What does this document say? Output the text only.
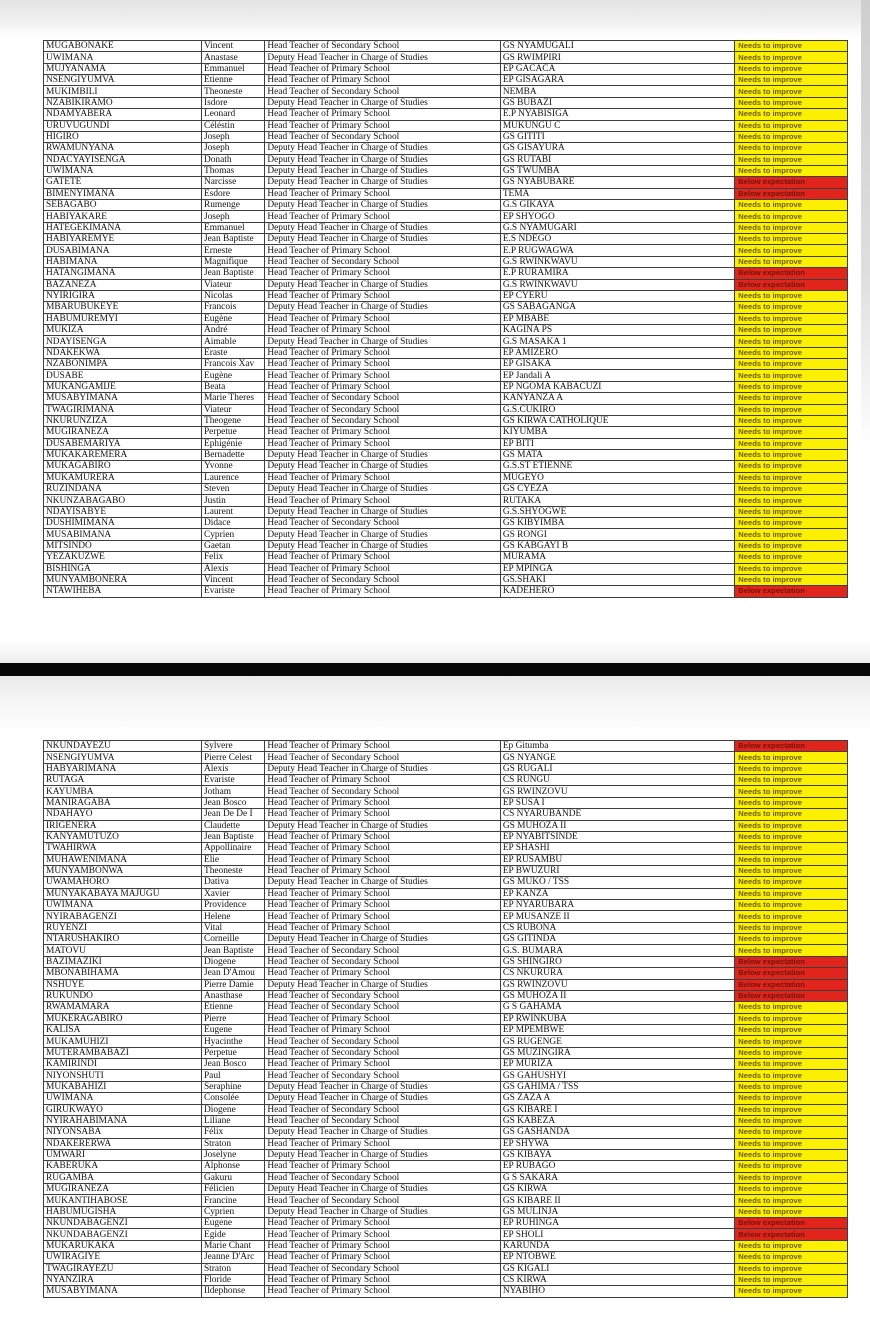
MUGABONAKE	Vincent	Head Teacher of Secondary School	GS NYAMUGALI	Needs to improve
UWIMANA	Anastase	Deputy Head Teacher in Charge of Studies	GS RWIMPIRI	Needs to improve
MUJYANAMA	Emmanuel	Head Teacher of Primary School	EP GACACA	Needs to improve
NSENGIYUMVA	Etienne	Head Teacher of Primary School	EP GISAGARA	Needs to improve
MUKIMBILI	Theoneste	Head Teacher of Secondary School	NEMBA	Needs to improve
NZABIKIRAMO	Isdore	Deputy Head Teacher in Charge of Studies	GS BUBAZI	Needs to improve
NDAMYABERA	Leonard	Head Teacher of Primary School	E.P NYABISIGA	Needs to improve
URUVUGUNDI	Céléstin	Head Teacher of Primary School	MUKUNGU C	Needs to improve
HIGIRO	Joseph	Head Teacher of Secondary School	GS GITITI	Needs to improve
RWAMUNYANA	Joseph	Deputy Head Teacher in Charge of Studies	GS GISAYURA	Needs to improve
NDACYAYISENGA	Donath	Deputy Head Teacher in Charge of Studies	GS RUTABI	Needs to improve
UWIMANA	Thomas	Deputy Head Teacher in Charge of Studies	GS TWUMBA	Needs to improve
GATETE	Narcisse	Deputy Head Teacher in Charge of Studies	GS NYABUBARE	Below expectation
BIMENYIMANA	Esdore	Head Teacher of Primary School	TEMA	Below expectation
SEBAGABO	Rumenge	Deputy Head Teacher in Charge of Studies	G.S GIKAYA	Needs to improve
HABIYAKARE	Joseph	Head Teacher of Primary School	EP SHYOGO	Needs to improve
HATEGEKIMANA	Emmanuel	Deputy Head Teacher in Charge of Studies	G.S NYAMUGARI	Needs to improve
HABIYAREMYE	Jean Baptiste	Deputy Head Teacher in Charge of Studies	E.S NDEGO	Needs to improve
DUSABIMANA	Erneste	Head Teacher of Primary School	E.P RUGWAGWA	Needs to improve
HABIMANA	Magnifique	Head Teacher of Secondary School	G.S RWINKWAVU	Needs to improve
HATANGIMANA	Jean Baptiste	Head Teacher of Primary School	E.P RURAMIRA	Below expectation
BAZANEZA	Viateur	Deputy Head Teacher in Charge of Studies	G.S RWINKWAVU	Below expectation
NYIRIGIRA	Nicolas	Head Teacher of Primary School	EP CYERU	Needs to improve
MBARUBUKEYE	Francois	Deputy Head Teacher in Charge of Studies	GS SABAGANGA	Needs to improve
HABUMUREMYI	Eugène	Head Teacher of Primary School	EP MBABE	Needs to improve
MUKIZA	André	Head Teacher of Primary School	KAGINA PS	Needs to improve
NDAYISENGA	Aimable	Deputy Head Teacher in Charge of Studies	G.S MASAKA 1	Needs to improve
NDAKEKWA	Eraste	Head Teacher of Primary School	EP AMIZERO	Needs to improve
NZABONIMPA	Francois Xav	Head Teacher of Primary School	EP GISAKA	Needs to improve
DUSABE	Eugène	Head Teacher of Primary School	EP Jandali A	Needs to improve
MUKANGAMIJE	Beata	Head Teacher of Primary School	EP NGOMA KABACUZI	Needs to improve
MUSABYIMANA	Marie Theres	Head Teacher of Secondary School	KANYANZA A	Needs to improve
TWAGIRIMANA	Viateur	Head Teacher of Secondary School	G.S.CUKIRO	Needs to improve
NKURUNZIZA	Theogene	Head Teacher of Secondary School	GS KIRWA CATHOLIQUE	Needs to improve
MUGIRANEZA	Perpetue	Head Teacher of Primary School	KIYUMBA	Needs to improve
DUSABEMARIYA	Ephigénie	Head Teacher of Primary School	EP BITI	Needs to improve
MUKAKAREMERA	Bernadette	Deputy Head Teacher in Charge of Studies	GS MATA	Needs to improve
MUKAGABIRO	Yvonne	Deputy Head Teacher in Charge of Studies	G.S.ST ETIENNE	Needs to improve
MUKAMURERA	Laurence	Head Teacher of Primary School	MUGEYO	Needs to improve
RUZINDANA	Steven	Deputy Head Teacher in Charge of Studies	GS CYEZA	Needs to improve
NKUNZABAGABO	Justin	Head Teacher of Primary School	RUTAKA	Needs to improve
NDAYISABYE	Laurent	Deputy Head Teacher in Charge of Studies	G.S.SHYOGWE	Needs to improve
DUSHIMIMANA	Didace	Head Teacher of Secondary School	GS KIBYIMBA	Needs to improve
MUSABIMANA	Cyprien	Deputy Head Teacher in Charge of Studies	GS RONGI	Needs to improve
MITSINDO	Gaetan	Deputy Head Teacher in Charge of Studies	GS KABGAYI B	Needs to improve
YEZAKUZWE	Felix	Head Teacher of Primary School	MURAMA	Needs to improve
BISHINGA	Alexis	Head Teacher of Primary School	EP MPINGA	Needs to improve
MUNYAMBONERA	Vincent	Head Teacher of Secondary School	GS.SHAKI	Needs to improve
NTAWIHEBA	Evariste	Head Teacher of Primary School	KADEHERO	Below expectation
NKUNDAYEZU	Sylvere	Head Teacher of Primary School	Ep Gitumba	Below expectation
NSENGIYUMVA	Pierre Celest	Head Teacher of Secondary School	GS NYANGE	Needs to improve
HABYARIMANA	Alexis	Deputy Head Teacher in Charge of Studies	GS RUGALI	Needs to improve
RUTAGA	Evariste	Head Teacher of Primary School	CS RUNGU	Needs to improve
KAYUMBA	Jotham	Head Teacher of Secondary School	GS RWINZOVU	Needs to improve
MANIRAGABA	Jean Bosco	Head Teacher of Primary School	EP SUSA I	Needs to improve
NDAHAYO	Jean De De I	Head Teacher of Primary School	CS NYARUBANDE	Needs to improve
IRIGENERA	Claudette	Deputy Head Teacher in Charge of Studies	GS MUHOZA II	Needs to improve
KANYAMUTUZO	Jean Baptiste	Head Teacher of Primary School	EP NYABITSINDE	Needs to improve
TWAHIRWA	Appollinaire	Head Teacher of Primary School	EP SHASHI	Needs to improve
MUHAWENIMANA	Elie	Head Teacher of Primary School	EP RUSAMBU	Needs to improve
MUNYAMBONWA	Theoneste	Head Teacher of Primary School	EP BWUZURI	Needs to improve
UWAMAHORO	Dativa	Deputy Head Teacher in Charge of Studies	GS MUKO / TSS	Needs to improve
MUNYAKABAYA MAJUGU	Xavier	Head Teacher of Primary School	EP KANZA	Needs to improve
UWIMANA	Providence	Head Teacher of Primary School	EP NYARUBARA	Needs to improve
NYIRABAGENZI	Helene	Head Teacher of Primary School	EP MUSANZE II	Needs to improve
RUYENZI	Vital	Head Teacher of Primary School	CS RUBONA	Needs to improve
NTARUSHAKIRO	Corneille	Deputy Head Teacher in Charge of Studies	GS GITINDA	Needs to improve
MATOVU	Jean Baptiste	Head Teacher of Secondary School	G.S. BUMARA	Needs to improve
BAZIMAZIKI	Diogene	Head Teacher of Secondary School	GS SHINGIRO	Below expectation
MBONABIHAMA	Jean D'Amou	Head Teacher of Primary School	CS NKURURA	Below expectation
NSHUYE	Pierre Damie	Deputy Head Teacher in Charge of Studies	GS RWINZOVU	Below expectation
RUKUNDO	Anasthase	Head Teacher of Secondary School	GS MUHOZA II	Below expectation
RWAMAMARA	Etienne	Head Teacher of Secondary School	G S GAHAMA	Needs to improve
MUKERAGABIRO	Pierre	Head Teacher of Primary School	EP RWINKUBA	Needs to improve
KALISA	Eugene	Head Teacher of Primary School	EP MPEMBWE	Needs to improve
MUKAMUHIZI	Hyacinthe	Head Teacher of Secondary School	GS RUGENGE	Needs to improve
MUTERAMBABAZI	Perpetue	Head Teacher of Secondary School	GS MUZINGIRA	Needs to improve
KAMIRINDI	Jean Bosco	Head Teacher of Primary School	EP MURIZA	Needs to improve
NIYONSHUTI	Paul	Head Teacher of Secondary School	GS GAHUSHYI	Needs to improve
MUKABAHIZI	Seraphine	Deputy Head Teacher in Charge of Studies	GS GAHIMA / TSS	Needs to improve
UWIMANA	Consolée	Deputy Head Teacher in Charge of Studies	GS ZAZA A	Needs to improve
GIRUKWAYO	Diogene	Head Teacher of Secondary School	GS KIBARE I	Needs to improve
NYIRAHABIMANA	Liliane	Head Teacher of Secondary School	GS KABEZA	Needs to improve
NIYONSABA	Félix	Deputy Head Teacher in Charge of Studies	GS GASHANDA	Needs to improve
NDAKERERWA	Straton	Head Teacher of Primary School	EP SHYWA	Needs to improve
UMWARI	Joselyne	Deputy Head Teacher in Charge of Studies	GS KIBAYA	Needs to improve
KABERUKA	Alphonse	Head Teacher of Primary School	EP RUBAGO	Needs to improve
RUGAMBA	Gakuru	Head Teacher of Secondary School	G S SAKARA	Needs to improve
MUGIRANEZA	Félicien	Deputy Head Teacher in Charge of Studies	GS KIRWA	Needs to improve
MUKANTIHABOSE	Francine	Head Teacher of Secondary School	GS KIBARE II	Needs to improve
HABUMUGISHA	Cyprien	Deputy Head Teacher in Charge of Studies	GS MULINJA	Needs to improve
NKUNDABAGENZI	Eugene	Head Teacher of Primary School	EP RUHINGA	Below expectation
NKUNDABAGENZI	Egide	Head Teacher of Primary School	EP SHOLI	Below expectation
MUKARUKAKA	Marie Chant	Head Teacher of Primary School	KARUNDA	Needs to improve
UWIRAGIYE	Jeanne D'Arc	Head Teacher of Primary School	EP NTOBWE	Needs to improve
TWAGIRAYEZU	Straton	Head Teacher of Secondary School	GS KIGALI	Needs to improve
NYANZIRA	Floride	Head Teacher of Primary School	CS KIRWA	Needs to improve
MUSABYIMANA	Ildephonse	Head Teacher of Primary School	NYABIHO	Needs to improve
